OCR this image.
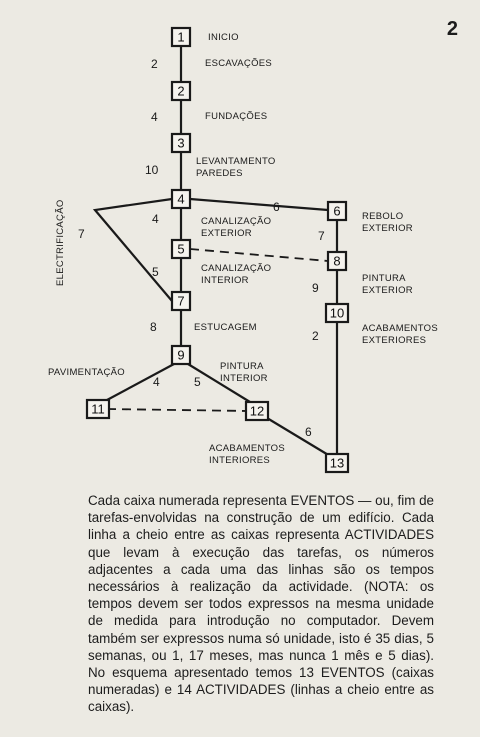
2
1
2
3
4
5
6
7
8
9
10
11	12
13
INICIO
ESCAVAÇÕES
FUNDAÇÕES
LEVANTAMENTO
PAREDES
CANALIZAÇÃO
EXTERIOR
CANALIZAÇÃO
INTERIOR
ESTUCAGEM
ELECTRIFICAÇÃO	REBOLO
EXTERIOR
PINTURA
EXTERIOR
ACABAMENTOS
EXTERIORES
PAVIMENTAÇÃO
PINTURA
INTERIOR
ACABAMENTOS
INTERIORES
2
4
10
7
4
5
8
6
7
9
2
4	5
6

Cada caixa numerada representa EVENTOS — ou, fim de tarefas-envolvidas na construção de um edifício. Cada linha a cheio entre as caixas representa ACTIVIDADES que levam à execução das tarefas, os números adjacentes a cada uma das linhas são os tempos necessários à realização da actividade. (NOTA: os tempos devem ser todos expressos na mesma unidade de medida para introdução no computador. Devem também ser expressos numa só unidade, isto é 35 dias, 5 semanas, ou 1, 17 meses, mas nunca 1 mês e 5 dias). No esquema apresentado temos 13 EVENTOS (caixas numeradas) e 14 ACTIVIDADES (linhas a cheio entre as caixas).
